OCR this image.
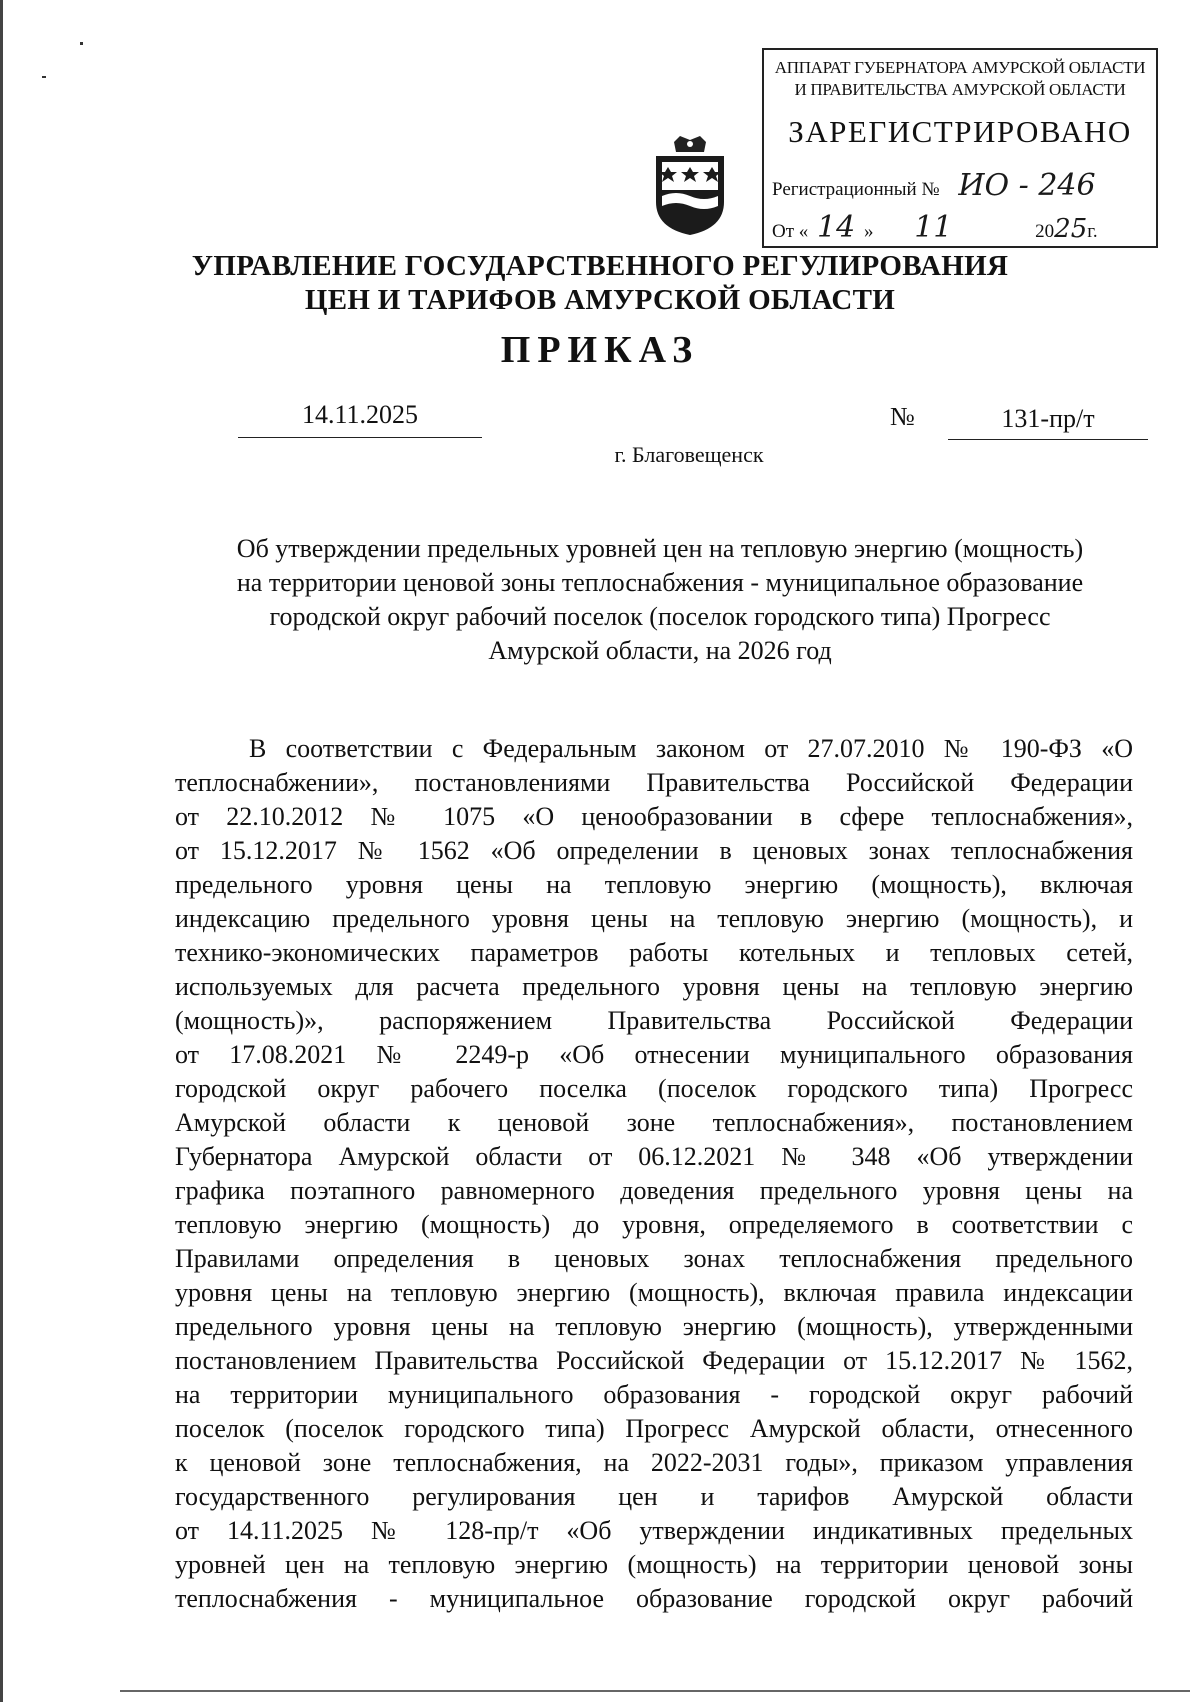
АППАРАТ ГУБЕРНАТОРА АМУРСКОЙ ОБЛАСТИ
И ПРАВИТЕЛЬСТВА АМУРСКОЙ ОБЛАСТИ
ЗАРЕГИСТРИРОВАНО
Регистрационный № ИО - 246
От « 14 » 11	2025г.
УПРАВЛЕНИЕ ГОСУДАРСТВЕННОГО РЕГУЛИРОВАНИЯ
ЦЕН И ТАРИФОВ АМУРСКОЙ ОБЛАСТИ
ПРИКАЗ
14.11.2025	№	131-пр/т
г. Благовещенск
Об утверждении предельных уровней цен на тепловую энергию (мощность)
на территории ценовой зоны теплоснабжения - муниципальное образование
городской округ рабочий поселок (поселок городского типа) Прогресс
Амурской области, на 2026 год
В соответствии с Федеральным законом от 27.07.2010 № 190-ФЗ «О
теплоснабжении», постановлениями Правительства Российской Федерации
от 22.10.2012 № 1075 «О ценообразовании в сфере теплоснабжения»,
от 15.12.2017 № 1562 «Об определении в ценовых зонах теплоснабжения
предельного уровня цены на тепловую энергию (мощность), включая
индексацию предельного уровня цены на тепловую энергию (мощность), и
технико-экономических параметров работы котельных и тепловых сетей,
используемых для расчета предельного уровня цены на тепловую энергию
(мощность)», распоряжением Правительства Российской Федерации
от 17.08.2021 № 2249-р «Об отнесении муниципального образования
городской округ рабочего поселка (поселок городского типа) Прогресс
Амурской области к ценовой зоне теплоснабжения», постановлением
Губернатора Амурской области от 06.12.2021 № 348 «Об утверждении
графика поэтапного равномерного доведения предельного уровня цены на
тепловую энергию (мощность) до уровня, определяемого в соответствии с
Правилами определения в ценовых зонах теплоснабжения предельного
уровня цены на тепловую энергию (мощность), включая правила индексации
предельного уровня цены на тепловую энергию (мощность), утвержденными
постановлением Правительства Российской Федерации от 15.12.2017 № 1562,
на территории муниципального образования - городской округ рабочий
поселок (поселок городского типа) Прогресс Амурской области, отнесенного
к ценовой зоне теплоснабжения, на 2022-2031 годы», приказом управления
государственного регулирования цен и тарифов Амурской области
от 14.11.2025 № 128-пр/т «Об утверждении индикативных предельных
уровней цен на тепловую энергию (мощность) на территории ценовой зоны
теплоснабжения - муниципальное образование городской округ рабочий
